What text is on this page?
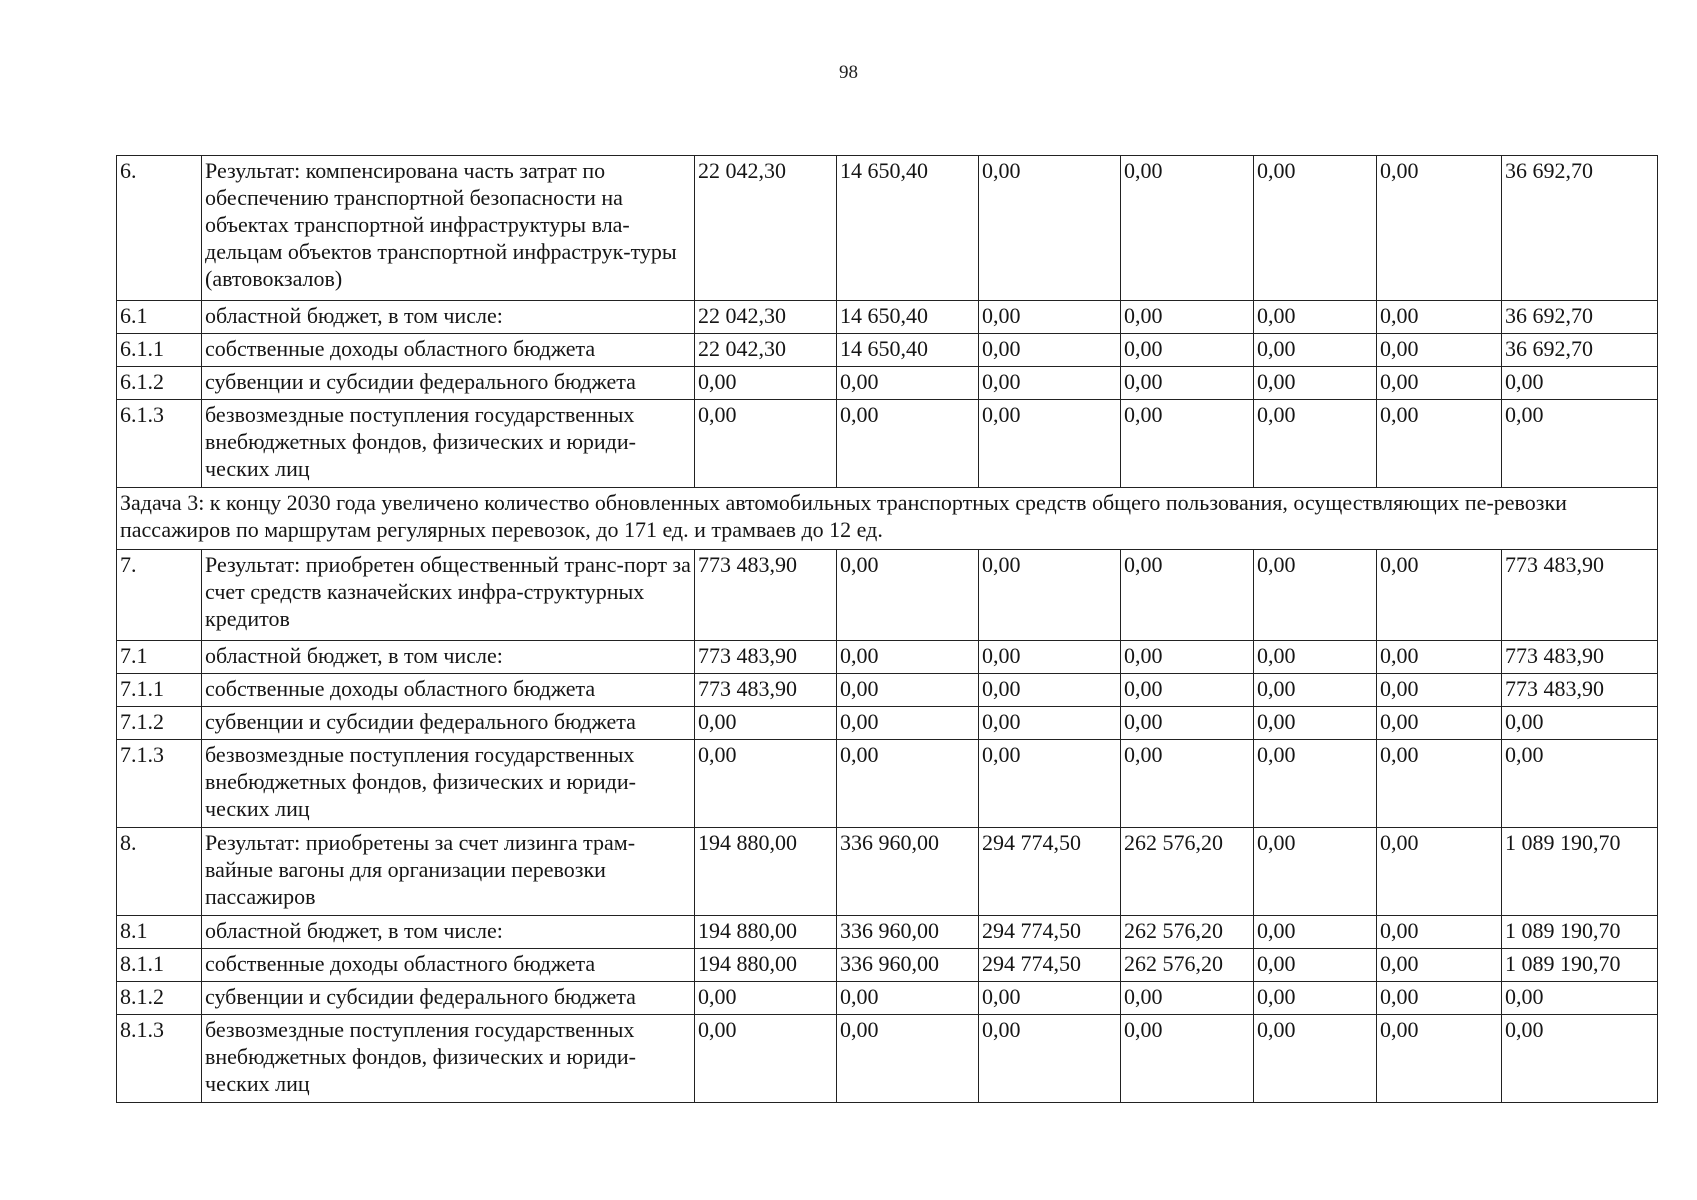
98
6.	Результат: компенсирована часть затрат по обеспечению транспортной безопасности на объектах транспортной инфраструктуры вла-дельцам объектов транспортной инфраструк-туры (автовокзалов)	22 042,30	14 650,40	0,00	0,00	0,00	0,00	36 692,70
6.1	областной бюджет, в том числе:	22 042,30	14 650,40	0,00	0,00	0,00	0,00	36 692,70
6.1.1	собственные доходы областного бюджета	22 042,30	14 650,40	0,00	0,00	0,00	0,00	36 692,70
6.1.2	субвенции и субсидии федерального бюджета	0,00	0,00	0,00	0,00	0,00	0,00	0,00
6.1.3	безвозмездные поступления государственных внебюджетных фондов, физических и юриди-ческих лиц	0,00	0,00	0,00	0,00	0,00	0,00	0,00
Задача 3: к концу 2030 года увеличено количество обновленных автомобильных транспортных средств общего пользования, осуществляющих пе-ревозки пассажиров по маршрутам регулярных перевозок, до 171 ед. и трамваев до 12 ед.								
7.	Результат: приобретен общественный транс-порт за счет средств казначейских инфра-структурных кредитов	773 483,90	0,00	0,00	0,00	0,00	0,00	773 483,90
7.1	областной бюджет, в том числе:	773 483,90	0,00	0,00	0,00	0,00	0,00	773 483,90
7.1.1	собственные доходы областного бюджета	773 483,90	0,00	0,00	0,00	0,00	0,00	773 483,90
7.1.2	субвенции и субсидии федерального бюджета	0,00	0,00	0,00	0,00	0,00	0,00	0,00
7.1.3	безвозмездные поступления государственных внебюджетных фондов, физических и юриди-ческих лиц	0,00	0,00	0,00	0,00	0,00	0,00	0,00
8.	Результат: приобретены за счет лизинга трам-вайные вагоны для организации перевозки пассажиров	194 880,00	336 960,00	294 774,50	262 576,20	0,00	0,00	1 089 190,70
8.1	областной бюджет, в том числе:	194 880,00	336 960,00	294 774,50	262 576,20	0,00	0,00	1 089 190,70
8.1.1	собственные доходы областного бюджета	194 880,00	336 960,00	294 774,50	262 576,20	0,00	0,00	1 089 190,70
8.1.2	субвенции и субсидии федерального бюджета	0,00	0,00	0,00	0,00	0,00	0,00	0,00
8.1.3	безвозмездные поступления государственных внебюджетных фондов, физических и юриди-ческих лиц	0,00	0,00	0,00	0,00	0,00	0,00	0,00
